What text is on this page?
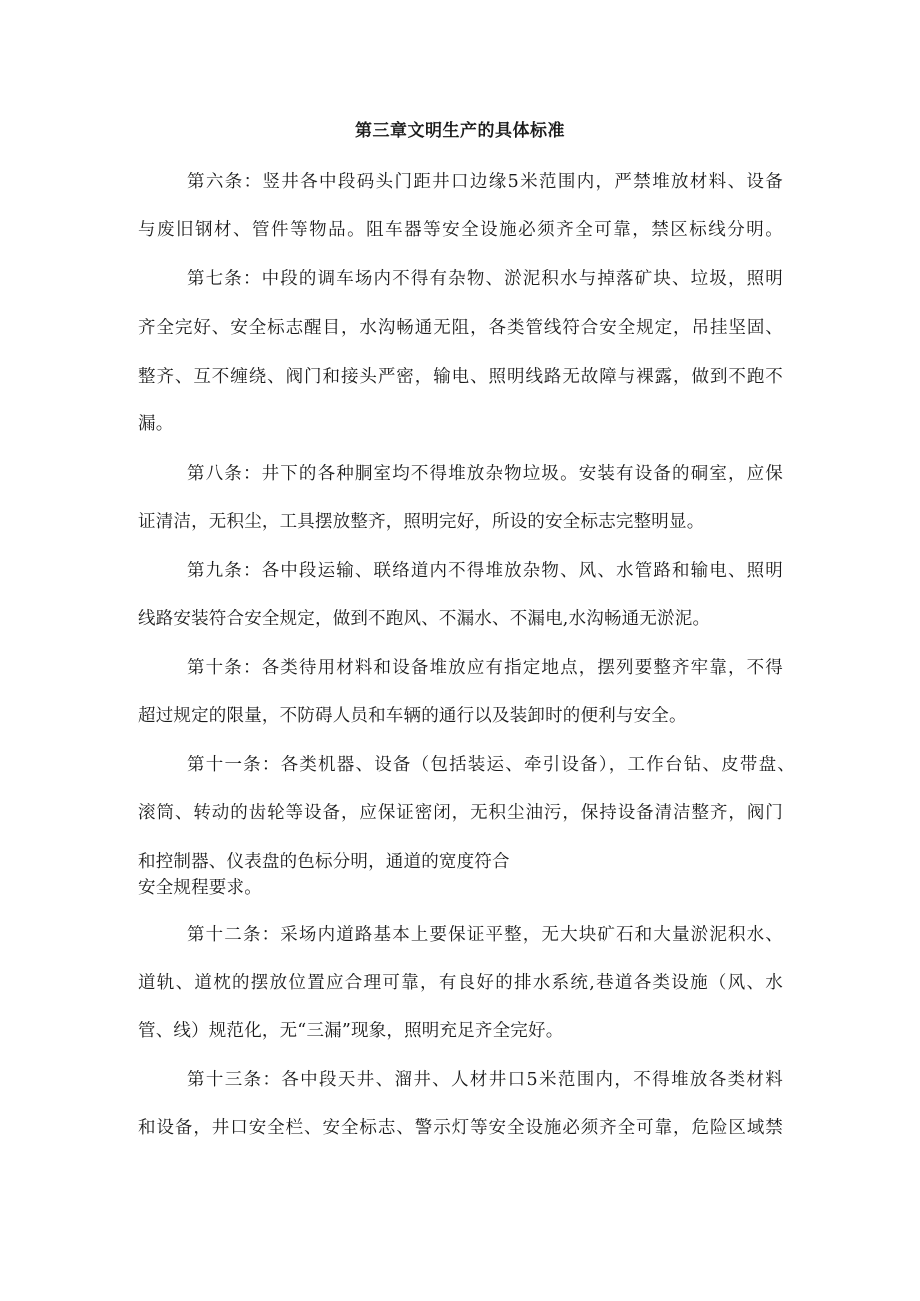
第三章文明生产的具体标准
第六条：竖井各中段码头门距井口边缘5米范围内，严禁堆放材料、设备
与废旧钢材、管件等物品。阻车器等安全设施必须齐全可靠，禁区标线分明。
第七条：中段的调车场内不得有杂物、淤泥积水与掉落矿块、垃圾，照明
齐全完好、安全标志醒目，水沟畅通无阻，各类管线符合安全规定，吊挂坚固、
整齐、互不缠绕、阀门和接头严密，输电、照明线路无故障与裸露，做到不跑不
漏。
第八条：井下的各种胴室均不得堆放杂物垃圾。安装有设备的硐室，应保
证清洁，无积尘，工具摆放整齐，照明完好，所设的安全标志完整明显。
第九条：各中段运输、联络道内不得堆放杂物、风、水管路和输电、照明
线路安装符合安全规定，做到不跑风、不漏水、不漏电,水沟畅通无淤泥。
第十条：各类待用材料和设备堆放应有指定地点，摆列要整齐牢靠，不得
超过规定的限量，不防碍人员和车辆的通行以及装卸时的便利与安全。
第十一条：各类机器、设备（包括装运、牵引设备），工作台钻、皮带盘、
滚筒、转动的齿轮等设备，应保证密闭，无积尘油污，保持设备清洁整齐，阀门
和控制器、仪表盘的色标分明，通道的宽度符合
安全规程要求。
第十二条：采场内道路基本上要保证平整，无大块矿石和大量淤泥积水、
道轨、道枕的摆放位置应合理可靠，有良好的排水系统,巷道各类设施（风、水
管、线）规范化，无“三漏”现象，照明充足齐全完好。
第十三条：各中段天井、溜井、人材井口5米范围内，不得堆放各类材料
和设备，井口安全栏、安全标志、警示灯等安全设施必须齐全可靠，危险区域禁
